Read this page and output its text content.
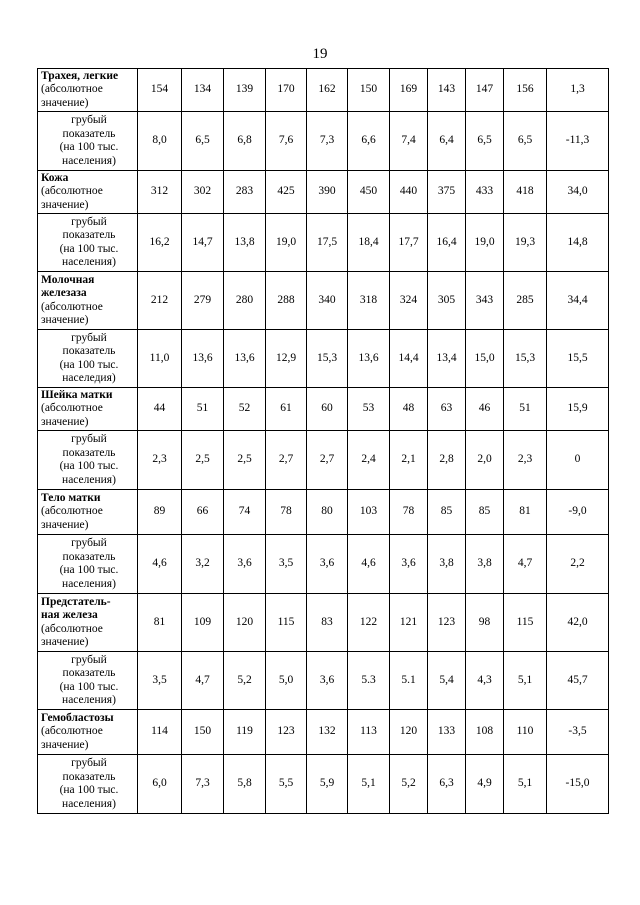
19
Трахея, легкие
(абсолютное
значение)	154	134	139	170	162	150	169	143	147	156	1,3

грубый
показатель
(на 100 тыс.
населения)	8,0	6,5	6,8	7,6	7,3	6,6	7,4	6,4	6,5	6,5	-11,3

Кожа
(абсолютное
значение)	312	302	283	425	390	450	440	375	433	418	34,0

грубый
показатель
(на 100 тыс.
населения)	16,2	14,7	13,8	19,0	17,5	18,4	17,7	16,4	19,0	19,3	14,8

Молочная
железаза
(абсолютное
значение)	212	279	280	288	340	318	324	305	343	285	34,4

грубый
показатель
(на 100 тыс.
населедия)	11,0	13,6	13,6	12,9	15,3	13,6	14,4	13,4	15,0	15,3	15,5

Шейка матки
(абсолютное
значение)	44	51	52	61	60	53	48	63	46	51	15,9

грубый
показатель
(на 100 тыс.
населения)	2,3	2,5	2,5	2,7	2,7	2,4	2,1	2,8	2,0	2,3	0

Тело матки
(абсолютное
значение)	89	66	74	78	80	103	78	85	85	81	-9,0

грубый
показатель
(на 100 тыс.
населения)	4,6	3,2	3,6	3,5	3,6	4,6	3,6	3,8	3,8	4,7	2,2

Предстатель-
ная железа
(абсолютное
значение)	81	109	120	115	83	122	121	123	98	115	42,0

грубый
показатель
(на 100 тыс.
населения)	3,5	4,7	5,2	5,0	3,6	5.3	5.1	5,4	4,3	5,1	45,7

Гемобластозы
(абсолютное
значение)	114	150	119	123	132	113	120	133	108	110	-3,5

грубый
показатель
(на 100 тыс.
населения)	6,0	7,3	5,8	5,5	5,9	5,1	5,2	6,3	4,9	5,1	-15,0
